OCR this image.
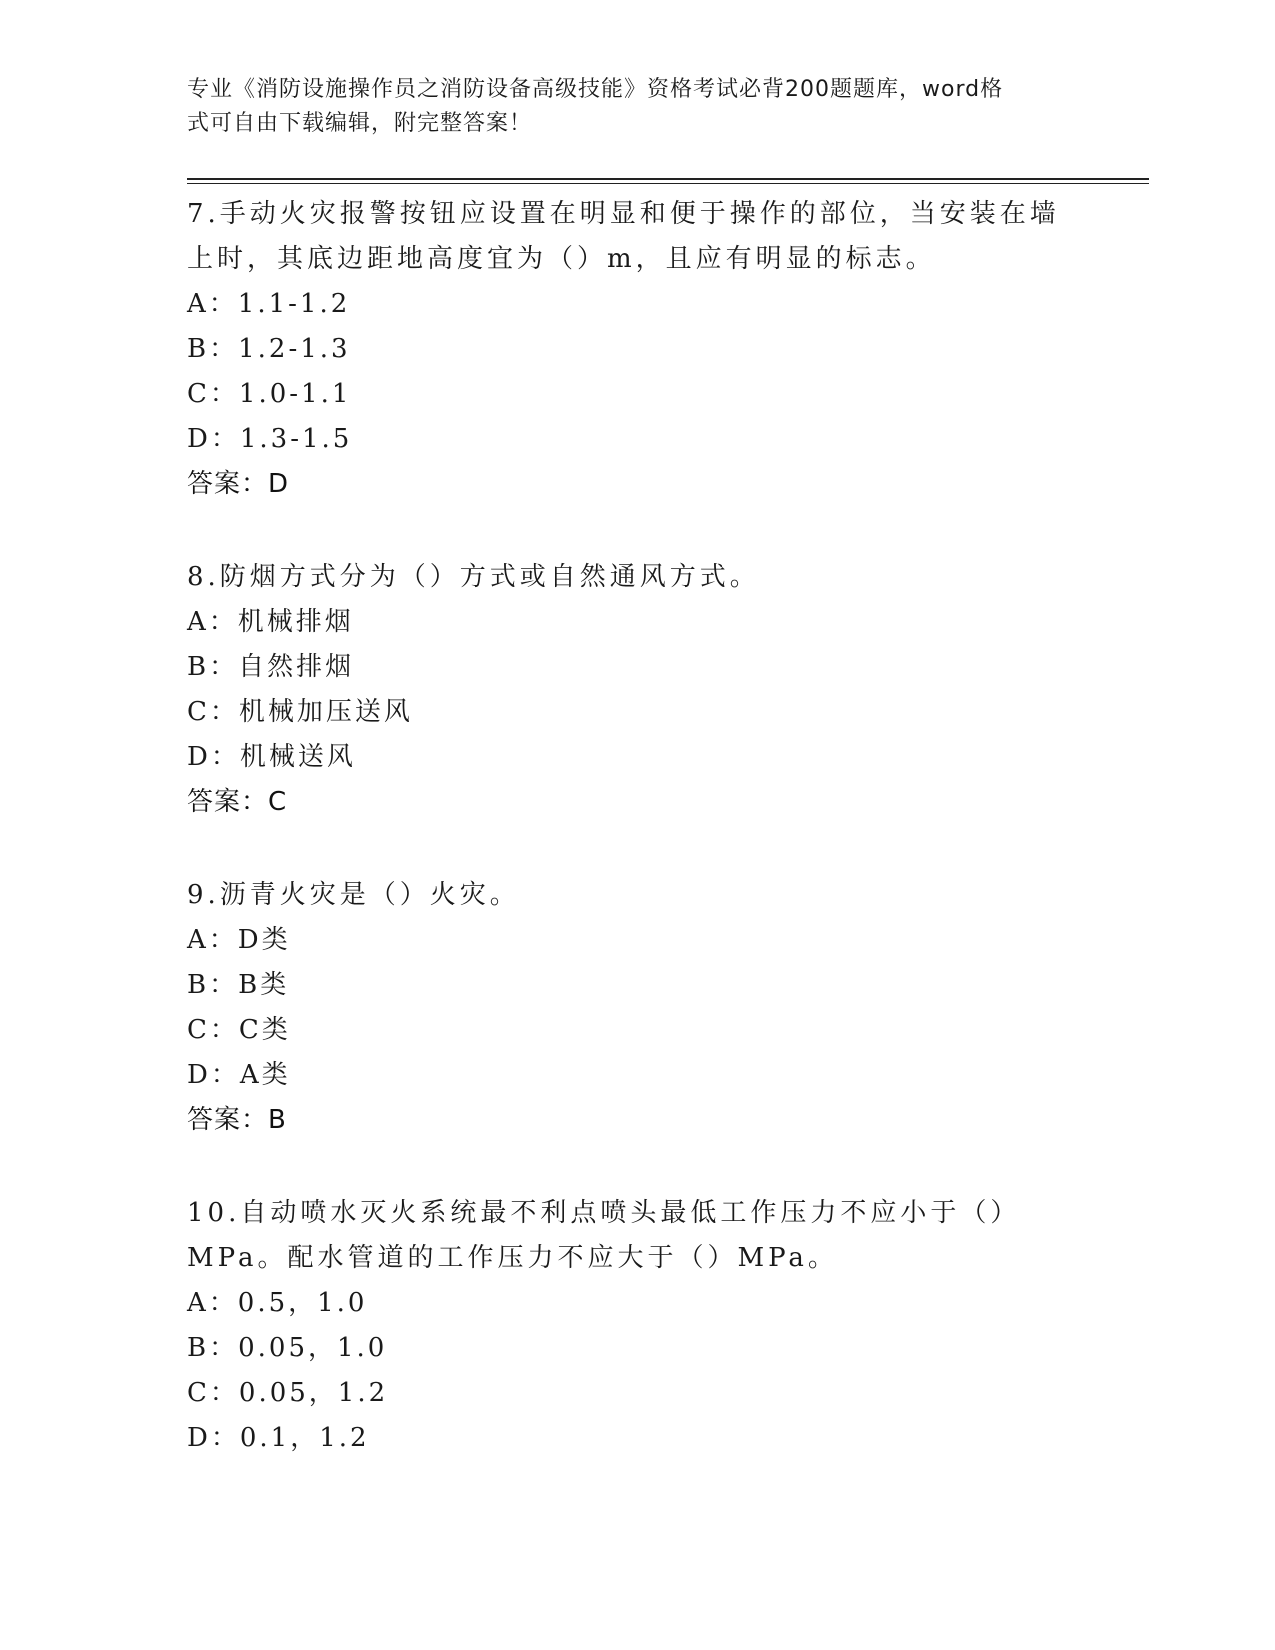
专业《消防设施操作员之消防设备高级技能》资格考试必背200题题库，word格
式可自由下载编辑，附完整答案！
7.手动火灾报警按钮应设置在明显和便于操作的部位，当安装在墙上时，其底边距地高度宜为（）m，且应有明显的标志。
A：1.1-1.2
B：1.2-1.3
C：1.0-1.1
D：1.3-1.5
答案：D
8.防烟方式分为（）方式或自然通风方式。
A：机械排烟
B：自然排烟
C：机械加压送风
D：机械送风
答案：C
9.沥青火灾是（）火灾。
A：D类
B：B类
C：C类
D：A类
答案：B
10.自动喷水灭火系统最不利点喷头最低工作压力不应小于（）MPa。配水管道的工作压力不应大于（）MPa。
A：0.5，1.0
B：0.05，1.0
C：0.05，1.2
D：0.1，1.2
